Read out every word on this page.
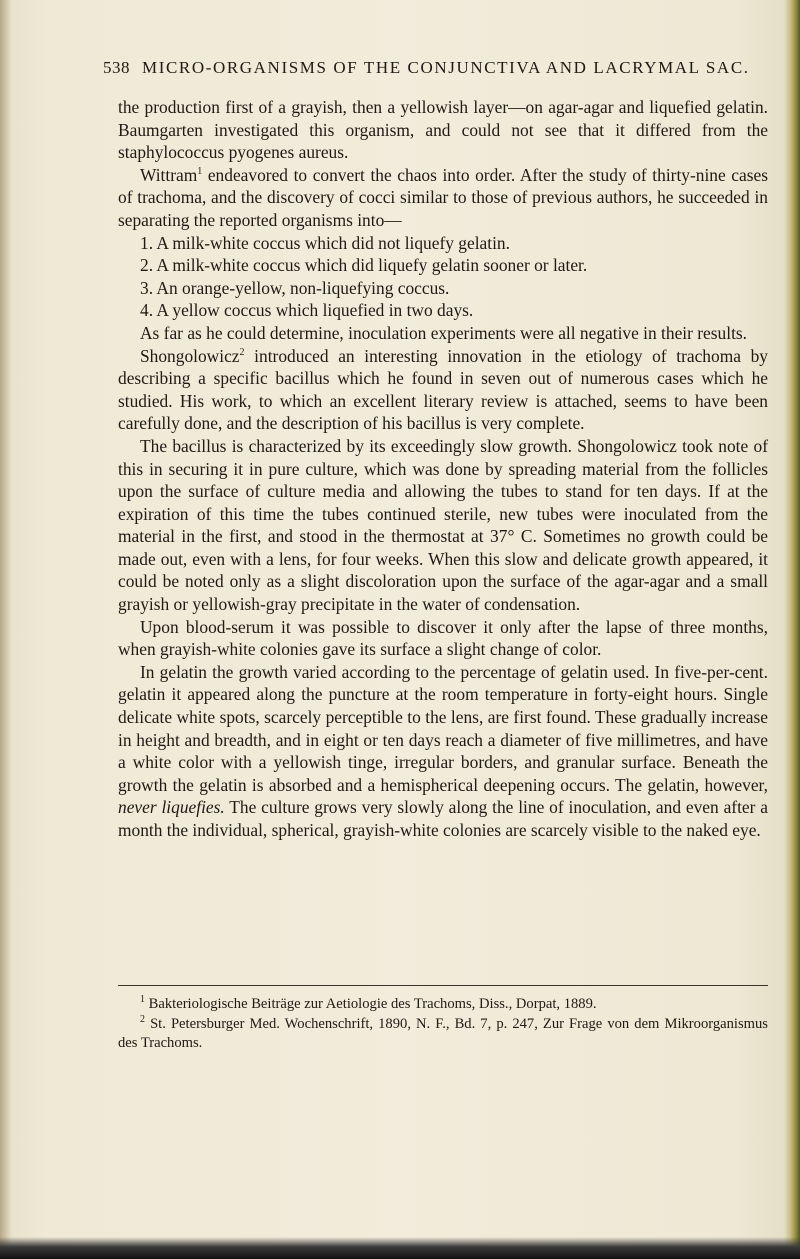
538 MICRO-ORGANISMS OF THE CONJUNCTIVA AND LACRYMAL SAC.

the production first of a grayish, then a yellowish layer—on agar-agar and liquefied gelatin. Baumgarten investigated this organism, and could not see that it differed from the staphylococcus pyogenes aureus.

Wittram$^1$ endeavored to convert the chaos into order. After the study of thirty-nine cases of trachoma, and the discovery of cocci similar to those of previous authors, he succeeded in separating the reported organisms into—

1. A milk-white coccus which did not liquefy gelatin.

2. A milk-white coccus which did liquefy gelatin sooner or later.

3. An orange-yellow, non-liquefying coccus.

4. A yellow coccus which liquefied in two days.

As far as he could determine, inoculation experiments were all negative in their results.

Shongolowicz$^2$ introduced an interesting innovation in the etiology of trachoma by describing a specific bacillus which he found in seven out of numerous cases which he studied. His work, to which an excellent literary review is attached, seems to have been carefully done, and the description of his bacillus is very complete.

The bacillus is characterized by its exceedingly slow growth. Shongolowicz took note of this in securing it in pure culture, which was done by spreading material from the follicles upon the surface of culture media and allowing the tubes to stand for ten days. If at the expiration of this time the tubes continued sterile, new tubes were inoculated from the material in the first, and stood in the thermostat at 37° C. Sometimes no growth could be made out, even with a lens, for four weeks. When this slow and delicate growth appeared, it could be noted only as a slight discoloration upon the surface of the agar-agar and a small grayish or yellowish-gray precipitate in the water of condensation.

Upon blood-serum it was possible to discover it only after the lapse of three months, when grayish-white colonies gave its surface a slight change of color.

In gelatin the growth varied according to the percentage of gelatin used. In five-per-cent. gelatin it appeared along the puncture at the room temperature in forty-eight hours. Single delicate white spots, scarcely perceptible to the lens, are first found. These gradually increase in height and breadth, and in eight or ten days reach a diameter of five millimetres, and have a white color with a yellowish tinge, irregular borders, and granular surface. Beneath the growth the gelatin is absorbed and a hemispherical deepening occurs. The gelatin, however, never liquefies. The culture grows very slowly along the line of inoculation, and even after a month the individual, spherical, grayish-white colonies are scarcely visible to the naked eye.

$^1$ Bakteriologische Beiträge zur Aetiologie des Trachoms, Diss., Dorpat, 1889.

$^2$ St. Petersburger Med. Wochenschrift, 1890, N. F., Bd. 7, p. 247, Zur Frage von dem Mikroorganismus des Trachoms.
